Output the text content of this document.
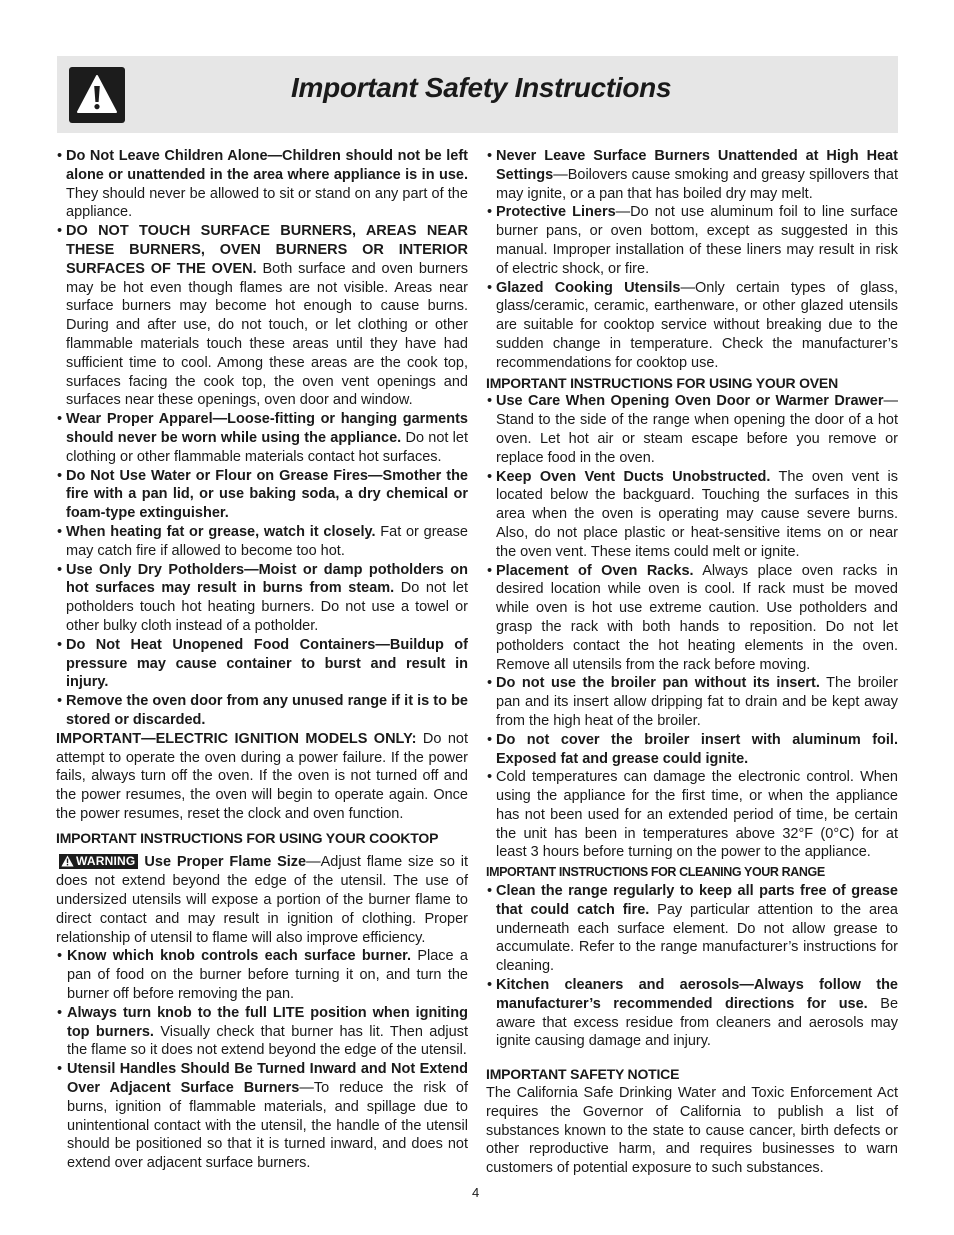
Important Safety Instructions

• Do Not Leave Children Alone—Children should not be left alone or unattended in the area where appliance is in use. They should never be allowed to sit or stand on any part of the appliance.

• DO NOT TOUCH SURFACE BURNERS, AREAS NEAR THESE BURNERS, OVEN BURNERS OR INTERIOR SURFACES OF THE OVEN. Both surface and oven burners may be hot even though flames are not visible. Areas near surface burners may become hot enough to cause burns. During and after use, do not touch, or let clothing or other flammable materials touch these areas until they have had sufficient time to cool. Among these areas are the cook top, surfaces facing the cook top, the oven vent openings and surfaces near these openings, oven door and window.

• Wear Proper Apparel—Loose-fitting or hanging garments should never be worn while using the appliance. Do not let clothing or other flammable materials contact hot surfaces.

• Do Not Use Water or Flour on Grease Fires—Smother the fire with a pan lid, or use baking soda, a dry chemical or foam-type extinguisher.

• When heating fat or grease, watch it closely. Fat or grease may catch fire if allowed to become too hot.

• Use Only Dry Potholders—Moist or damp potholders on hot surfaces may result in burns from steam. Do not let potholders touch hot heating burners. Do not use a towel or other bulky cloth instead of a potholder.

• Do Not Heat Unopened Food Containers—Buildup of pressure may cause container to burst and result in injury.

• Remove the oven door from any unused range if it is to be stored or discarded.

IMPORTANT—ELECTRIC IGNITION MODELS ONLY: Do not attempt to operate the oven during a power failure. If the power fails, always turn off the oven. If the oven is not turned off and the power resumes, the oven will begin to operate again. Once the power resumes, reset the clock and oven function.

IMPORTANT INSTRUCTIONS FOR USING YOUR COOKTOP

WARNING Use Proper Flame Size—Adjust flame size so it does not extend beyond the edge of the utensil. The use of undersized utensils will expose a portion of the burner flame to direct contact and may result in ignition of clothing. Proper relationship of utensil to flame will also improve efficiency.

• Know which knob controls each surface burner. Place a pan of food on the burner before turning it on, and turn the burner off before removing the pan.

• Always turn knob to the full LITE position when igniting top burners. Visually check that burner has lit. Then adjust the flame so it does not extend beyond the edge of the utensil.

• Utensil Handles Should Be Turned Inward and Not Extend Over Adjacent Surface Burners—To reduce the risk of burns, ignition of flammable materials, and spillage due to unintentional contact with the utensil, the handle of the utensil should be positioned so that it is turned inward, and does not extend over adjacent surface burners.

• Never Leave Surface Burners Unattended at High Heat Settings—Boilovers cause smoking and greasy spillovers that may ignite, or a pan that has boiled dry may melt.

• Protective Liners—Do not use aluminum foil to line surface burner pans, or oven bottom, except as suggested in this manual. Improper installation of these liners may result in risk of electric shock, or fire.

• Glazed Cooking Utensils—Only certain types of glass, glass/ceramic, ceramic, earthenware, or other glazed utensils are suitable for cooktop service without breaking due to the sudden change in temperature. Check the manufacturer’s recommendations for cooktop use.

IMPORTANT INSTRUCTIONS FOR USING YOUR OVEN

• Use Care When Opening Oven Door or Warmer Drawer—Stand to the side of the range when opening the door of a hot oven. Let hot air or steam escape before you remove or replace food in the oven.

• Keep Oven Vent Ducts Unobstructed. The oven vent is located below the backguard. Touching the surfaces in this area when the oven is operating may cause severe burns. Also, do not place plastic or heat-sensitive items on or near the oven vent. These items could melt or ignite.

• Placement of Oven Racks. Always place oven racks in desired location while oven is cool. If rack must be moved while oven is hot use extreme caution. Use potholders and grasp the rack with both hands to reposition. Do not let potholders contact the hot heating elements in the oven. Remove all utensils from the rack before moving.

• Do not use the broiler pan without its insert. The broiler pan and its insert allow dripping fat to drain and be kept away from the high heat of the broiler.

• Do not cover the broiler insert with aluminum foil. Exposed fat and grease could ignite.

• Cold temperatures can damage the electronic control. When using the appliance for the first time, or when the appliance has not been used for an extended period of time, be certain the unit has been in temperatures above 32°F (0°C) for at least 3 hours before turning on the power to the appliance.

IMPORTANT INSTRUCTIONS FOR CLEANING YOUR RANGE

• Clean the range regularly to keep all parts free of grease that could catch fire. Pay particular attention to the area underneath each surface element. Do not allow grease to accumulate. Refer to the range manufacturer’s instructions for cleaning.

• Kitchen cleaners and aerosols—Always follow the manufacturer’s recommended directions for use. Be aware that excess residue from cleaners and aerosols may ignite causing damage and injury.

IMPORTANT SAFETY NOTICE

The California Safe Drinking Water and Toxic Enforcement Act requires the Governor of California to publish a list of substances known to the state to cause cancer, birth defects or other reproductive harm, and requires businesses to warn customers of potential exposure to such substances.

4
